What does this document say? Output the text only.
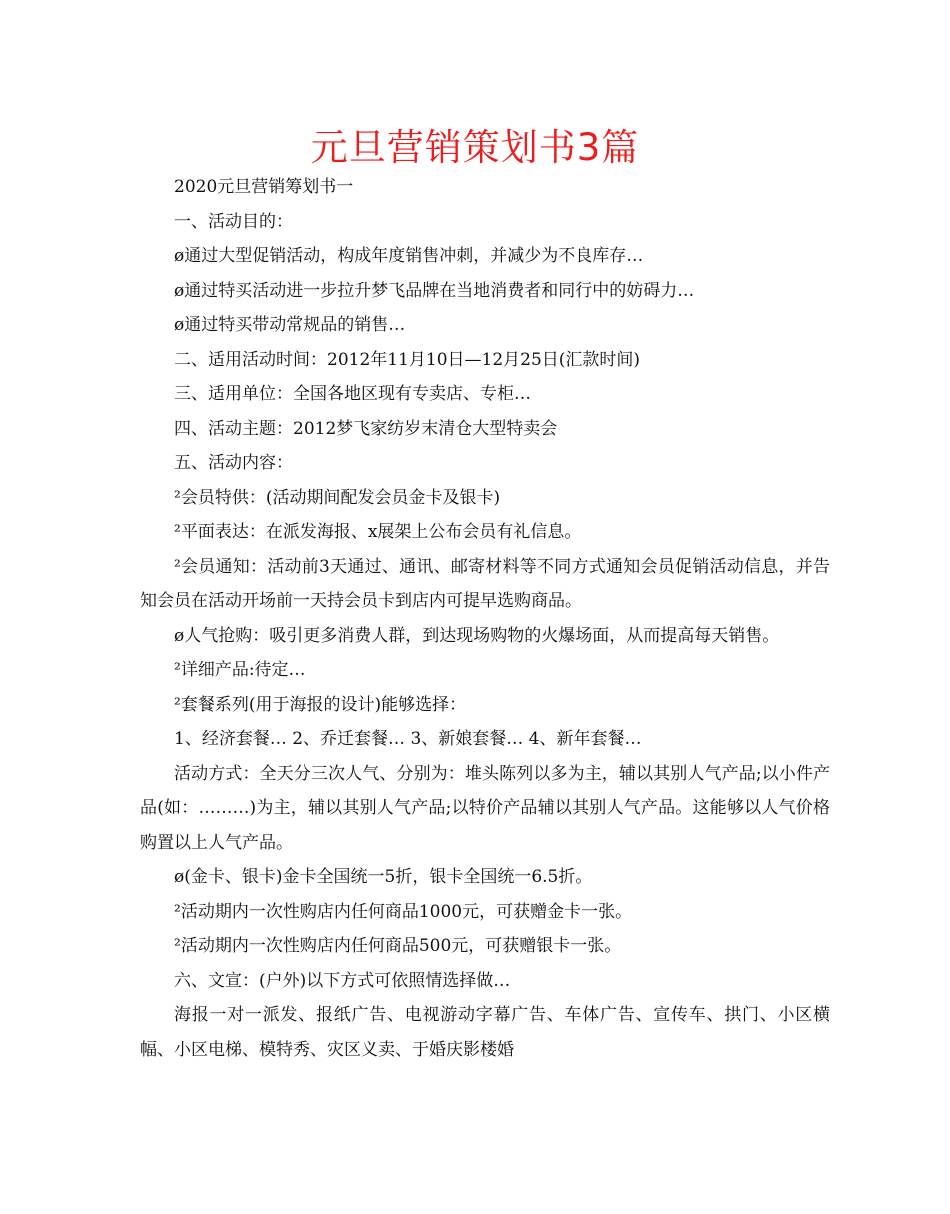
元旦营销策划书3篇

2020元旦营销筹划书一

一、活动目的：

ø通过大型促销活动，构成年度销售冲刺，并减少为不良库存…

ø通过特买活动进一步拉升梦飞品牌在当地消费者和同行中的妨碍力…

ø通过特买带动常规品的销售…

二、适用活动时间：2012年11月10日—12月25日(汇款时间)

三、适用单位：全国各地区现有专卖店、专柜…

四、活动主题：2012梦飞家纺岁末清仓大型特卖会

五、活动内容：

²会员特供：(活动期间配发会员金卡及银卡)

²平面表达：在派发海报、x展架上公布会员有礼信息。

²会员通知：活动前3天通过、通讯、邮寄材料等不同方式通知会员促销活动信息，并告知会员在活动开场前一天持会员卡到店内可提早选购商品。

ø人气抢购：吸引更多消费人群，到达现场购物的火爆场面，从而提高每天销售。

²详细产品:待定…

²套餐系列(用于海报的设计)能够选择：

1、经济套餐… 2、乔迁套餐… 3、新娘套餐… 4、新年套餐…

活动方式：全天分三次人气、分别为：堆头陈列以多为主，辅以其别人气产品;以小件产品(如：………)为主，辅以其别人气产品;以特价产品辅以其别人气产品。这能够以人气价格购置以上人气产品。

ø(金卡、银卡)金卡全国统一5折，银卡全国统一6.5折。

²活动期内一次性购店内任何商品1000元，可获赠金卡一张。

²活动期内一次性购店内任何商品500元，可获赠银卡一张。

六、文宣：(户外)以下方式可依照情选择做…

海报一对一派发、报纸广告、电视游动字幕广告、车体广告、宣传车、拱门、小区横幅、小区电梯、模特秀、灾区义卖、于婚庆影楼婚
